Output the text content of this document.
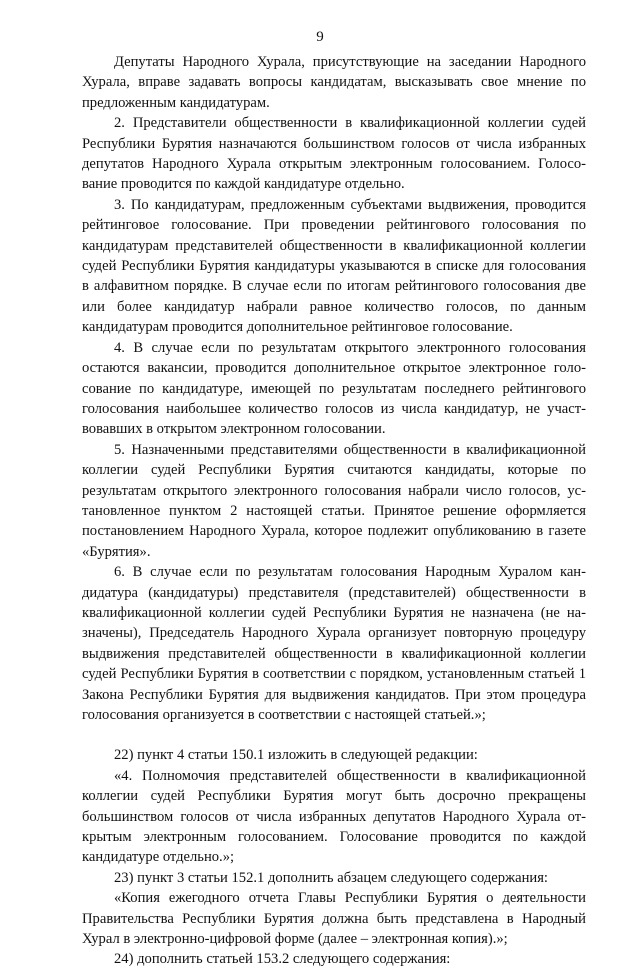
9

Депутаты Народного Хурала, присутствующие на заседании Народного Хурала, вправе задавать вопросы кандидатам, высказывать свое мнение по предложенным кандидатурам.

2. Представители общественности в квалификационной коллегии судей Республики Бурятия назначаются большинством голосов от числа избранных депутатов Народного Хурала открытым электронным голосованием. Голосование проводится по каждой кандидатуре отдельно.

3. По кандидатурам, предложенным субъектами выдвижения, проводится рейтинговое голосование. При проведении рейтингового голосования по кандидатурам представителей общественности в квалификационной коллегии судей Республики Бурятия кандидатуры указываются в списке для голосования в алфавитном порядке. В случае если по итогам рейтингового голосования две или более кандидатур набрали равное количество голосов, по данным кандидатурам проводится дополнительное рейтинговое голосование.

4. В случае если по результатам открытого электронного голосования остаются вакансии, проводится дополнительное открытое электронное голосование по кандидатуре, имеющей по результатам последнего рейтингового голосования наибольшее количество голосов из числа кандидатур, не участвовавших в открытом электронном голосовании.

5. Назначенными представителями общественности в квалификационной коллегии судей Республики Бурятия считаются кандидаты, которые по результатам открытого электронного голосования набрали число голосов, установленное пунктом 2 настоящей статьи. Принятое решение оформляется постановлением Народного Хурала, которое подлежит опубликованию в газете «Бурятия».

6. В случае если по результатам голосования Народным Хуралом кандидатура (кандидатуры) представителя (представителей) общественности в квалификационной коллегии судей Республики Бурятия не назначена (не назначены), Председатель Народного Хурала организует повторную процедуру выдвижения представителей общественности в квалификационной коллегии судей Республики Бурятия в соответствии с порядком, установленным статьей 1 Закона Республики Бурятия для выдвижения кандидатов. При этом процедура голосования организуется в соответствии с настоящей статьей.»;

22) пункт 4 статьи 150.1 изложить в следующей редакции:

«4. Полномочия представителей общественности в квалификационной коллегии судей Республики Бурятия могут быть досрочно прекращены большинством голосов от числа избранных депутатов Народного Хурала открытым электронным голосованием. Голосование проводится по каждой кандидатуре отдельно.»;

23) пункт 3 статьи 152.1 дополнить абзацем следующего содержания:

«Копия ежегодного отчета Главы Республики Бурятия о деятельности Правительства Республики Бурятия должна быть представлена в Народный Хурал в электронно-цифровой форме (далее – электронная копия).»;

24) дополнить статьей 153.2 следующего содержания:
